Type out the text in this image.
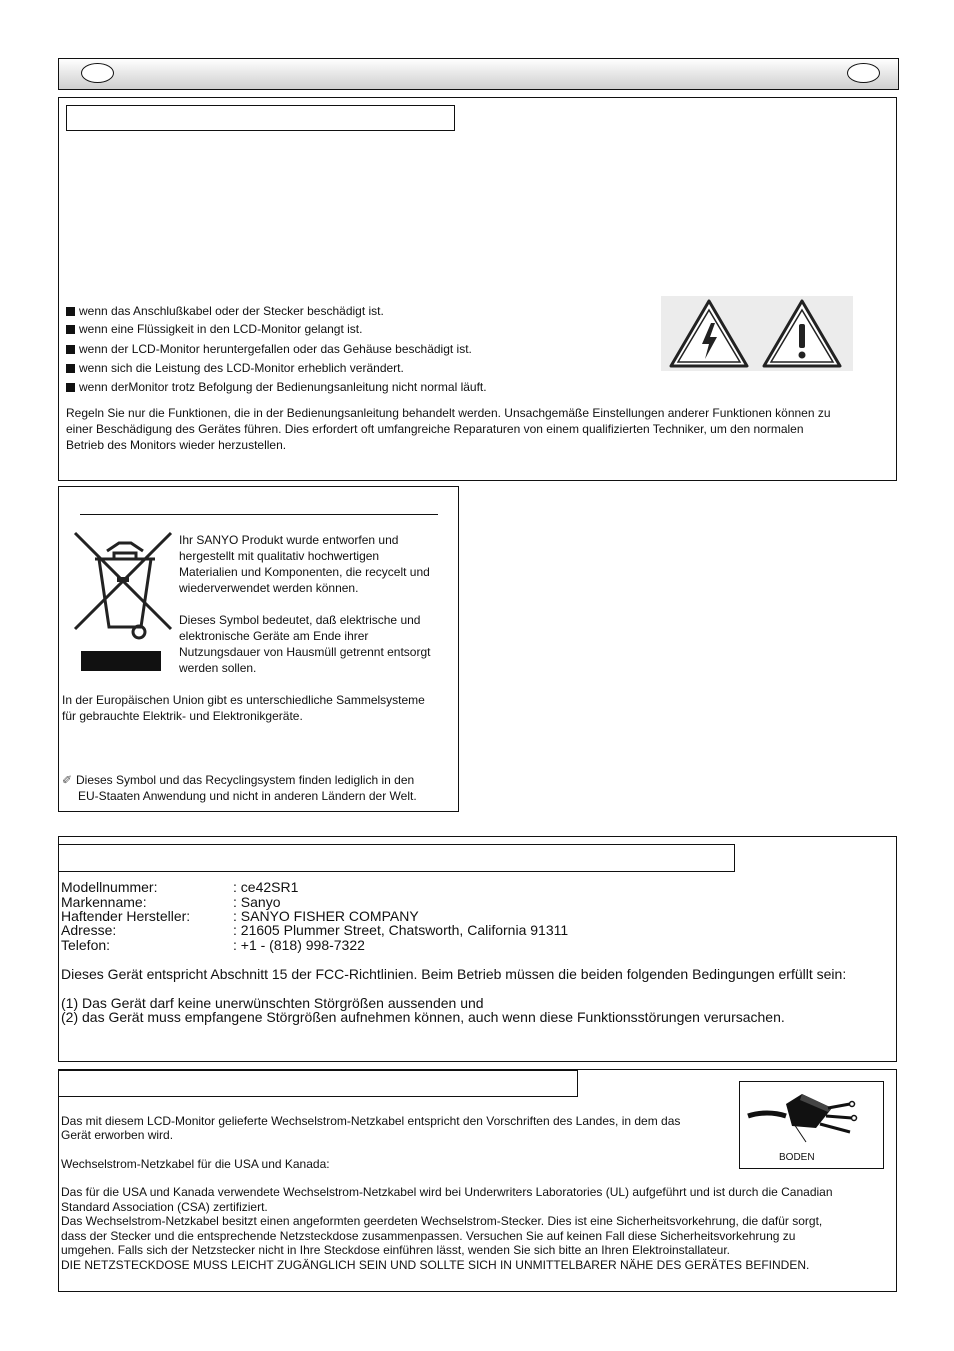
wenn das Anschlußkabel oder der Stecker beschädigt ist.
wenn eine Flüssigkeit in den LCD-Monitor gelangt ist.
wenn der LCD-Monitor heruntergefallen oder das Gehäuse beschädigt ist.
wenn sich die Leistung des LCD-Monitor erheblich verändert.
wenn derMonitor trotz Befolgung der Bedienungsanleitung nicht normal läuft.
Regeln Sie nur die Funktionen, die in der Bedienungsanleitung behandelt werden. Unsachgemäße Einstellungen anderer Funktionen können zu
einer Beschädigung des Gerätes führen. Dies erfordert oft umfangreiche Reparaturen von einem qualifizierten Techniker, um den normalen
Betrieb des Monitors wieder herzustellen.
Ihr SANYO Produkt wurde entworfen und
hergestellt mit qualitativ hochwertigen
Materialien und Komponenten, die recycelt und
wiederverwendet werden können.
Dieses Symbol bedeutet, daß elektrische und
elektronische Geräte am Ende ihrer
Nutzungsdauer von Hausmüll getrennt entsorgt
werden sollen.
In der Europäischen Union gibt es unterschiedliche Sammelsysteme
für gebrauchte Elektrik- und Elektronikgeräte.
✐ Dieses Symbol und das Recyclingsystem finden lediglich in den
EU-Staaten Anwendung und nicht in anderen Ländern der Welt.
Modellnummer:	: ce42SR1
Markenname:	: Sanyo
Haftender Hersteller:	: SANYO FISHER COMPANY
Adresse:	: 21605 Plummer Street, Chatsworth, California 91311
Telefon:	: +1 - (818) 998-7322
Dieses Gerät entspricht Abschnitt 15 der FCC-Richtlinien. Beim Betrieb müssen die beiden folgenden Bedingungen erfüllt sein:
(1) Das Gerät darf keine unerwünschten Störgrößen aussenden und
(2) das Gerät muss empfangene Störgrößen aufnehmen können, auch wenn diese Funktionsstörungen verursachen.
BODEN
Das mit diesem LCD-Monitor gelieferte Wechselstrom-Netzkabel entspricht den Vorschriften des Landes, in dem das
Gerät erworben wird.
Wechselstrom-Netzkabel für die USA und Kanada:
Das für die USA und Kanada verwendete Wechselstrom-Netzkabel wird bei Underwriters Laboratories (UL) aufgeführt und ist durch die Canadian
Standard Association (CSA) zertifiziert.
Das Wechselstrom-Netzkabel besitzt einen angeformten geerdeten Wechselstrom-Stecker. Dies ist eine Sicherheitsvorkehrung, die dafür sorgt,
dass der Stecker und die entsprechende Netzsteckdose zusammenpassen. Versuchen Sie auf keinen Fall diese Sicherheitsvorkehrung zu
umgehen. Falls sich der Netzstecker nicht in Ihre Steckdose einführen lässt, wenden Sie sich bitte an Ihren Elektroinstallateur.
DIE NETZSTECKDOSE MUSS LEICHT ZUGÄNGLICH SEIN UND SOLLTE SICH IN UNMITTELBARER NÄHE DES GERÄTES BEFINDEN.
